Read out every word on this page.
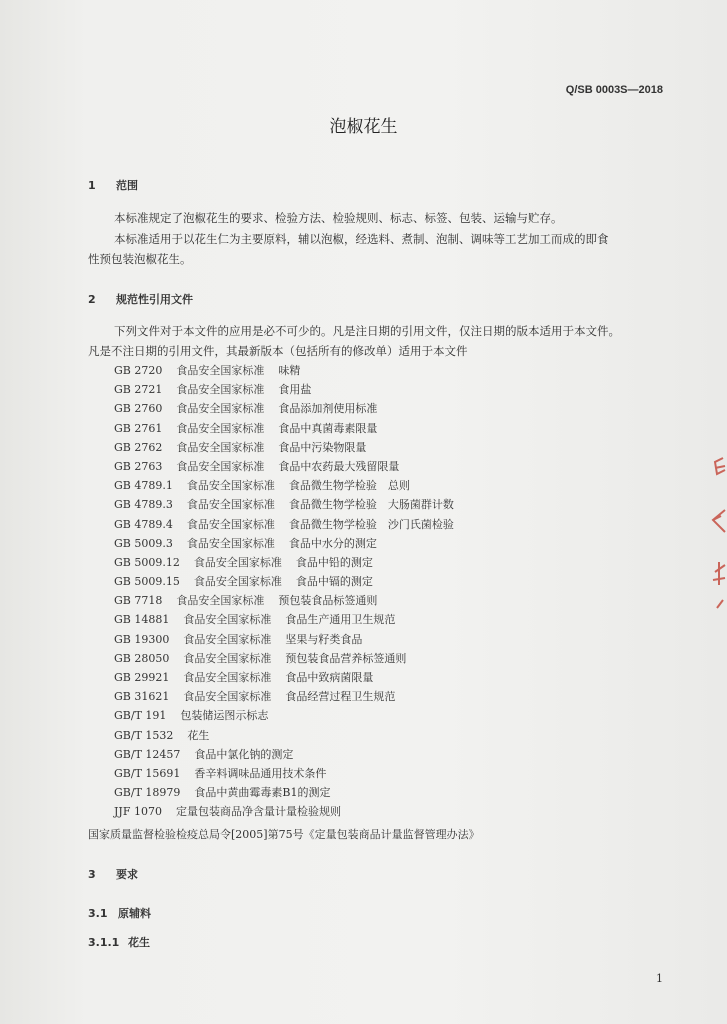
Q/SB 0003S—2018
泡椒花生
1 范围
本标准规定了泡椒花生的要求、检验方法、检验规则、标志、标签、包装、运输与贮存。
本标准适用于以花生仁为主要原料，辅以泡椒，经选料、煮制、泡制、调味等工艺加工而成的即食
性预包装泡椒花生。
2 规范性引用文件
下列文件对于本文件的应用是必不可少的。凡是注日期的引用文件，仅注日期的版本适用于本文件。
凡是不注日期的引用文件，其最新版本（包括所有的修改单）适用于本文件
GB 2720 食品安全国家标准 味精
GB 2721 食品安全国家标准 食用盐
GB 2760 食品安全国家标准 食品添加剂使用标准
GB 2761 食品安全国家标准 食品中真菌毒素限量
GB 2762 食品安全国家标准 食品中污染物限量
GB 2763 食品安全国家标准 食品中农药最大残留限量
GB 4789.1 食品安全国家标准 食品微生物学检验　总则
GB 4789.3 食品安全国家标准 食品微生物学检验　大肠菌群计数
GB 4789.4 食品安全国家标准 食品微生物学检验　沙门氏菌检验
GB 5009.3 食品安全国家标准 食品中水分的测定
GB 5009.12 食品安全国家标准 食品中铅的测定
GB 5009.15 食品安全国家标准 食品中镉的测定
GB 7718 食品安全国家标准 预包装食品标签通则
GB 14881 食品安全国家标准 食品生产通用卫生规范
GB 19300 食品安全国家标准 坚果与籽类食品
GB 28050 食品安全国家标准 预包装食品营养标签通则
GB 29921 食品安全国家标准 食品中致病菌限量
GB 31621 食品安全国家标准 食品经营过程卫生规范
GB/T 191 包装储运图示标志
GB/T 1532 花生
GB/T 12457 食品中氯化钠的测定
GB/T 15691 香辛料调味品通用技术条件
GB/T 18979 食品中黄曲霉毒素B1的测定
JJF 1070 定量包装商品净含量计量检验规则
国家质量监督检验检疫总局令[2005]第75号《定量包装商品计量监督管理办法》
3 要求
3.1 原辅料
3.1.1 花生
1
